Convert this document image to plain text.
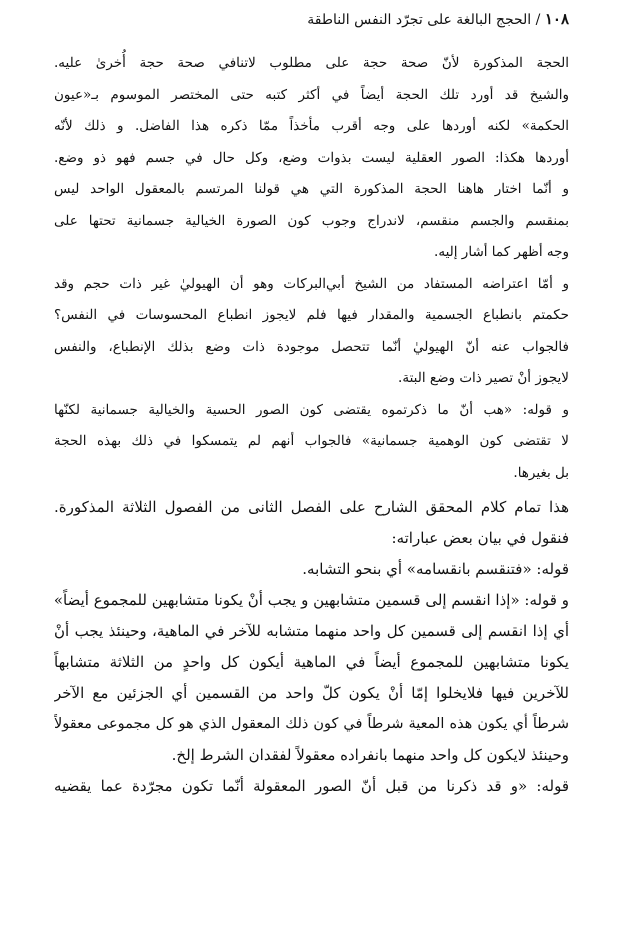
١٠٨ / الحجج البالغة على تجرّد النفس الناطقة

الحجة المذكورة لأنّ صحة حجة على مطلوب لاتنافي صحة حجة أُخرىٰ عليه.

والشيخ قد أورد تلك الحجة أيضاً في أكثر كتبه حتى المختصر الموسوم بـ«عيون

الحكمة» لكنه أوردها على وجه أقرب مأخذاً ممّا ذكره هذا الفاضل. و ذلك لأنّه

أوردها هكذا: الصور العقلية ليست بذوات وضع، وكل حال في جسم فهو ذو وضع.

و أنّما اختار هاهنا الحجة المذكورة التي هي قولنا المرتسم بالمعقول الواحد ليس

بمنقسم والجسم منقسم، لاندراج وجوب كون الصورة الخيالية جسمانية تحتها على

وجه أظهر كما أشار إليه.

و أمّا اعتراضه المستفاد من الشيخ أبي‌البركات وهو أن الهيوليٰ غير ذات حجم وقد

حكمتم بانطباع الجسمية والمقدار فيها فلم لايجوز انطباع المحسوسات في النفس؟

فالجواب عنه أنّ الهيوليٰ أنّما تتحصل موجودة ذات وضع بذلك الإنطباع، والنفس

لايجوز أنْ تصير ذات وضع البتة.

و قوله: «هب أنّ ما ذكرتموه يقتضى كون الصور الحسية والخيالية جسمانية لكنّها

لا تقتضى كون الوهمية جسمانية» فالجواب أنهم لم يتمسكوا في ذلك بهذه الحجة

بل بغيرها.

هذا تمام كلام المحقق الشارح على الفصل الثانى من الفصول الثلاثة المذكورة.

فنقول في بيان بعض عباراته:

قوله: «فتنقسم بانقسامه» أي بنحو التشابه.

و قوله: «إذا انقسم إلى قسمين متشابهين و يجب أنْ يكونا متشابهين للمجموع أيضاً»

أي إذا انقسم إلى قسمين كل واحد منهما متشابه للآخر في الماهية، وحينئذ يجب أنْ

يكونا متشابهين للمجموع أيضاً في الماهية أيكون كل واحدٍ من الثلاثة متشابهاً

للآخرين فيها فلايخلوا إمّا أنْ يكون كلّ واحد من القسمين أي الجزئين مع الآخر

شرطاً أي يكون هذه المعية شرطاً في كون ذلك المعقول الذي هو كل مجموعى معقولاً

وحينئذ لايكون كل واحد منهما بانفراده معقولاً لفقدان الشرط إلخ.

قوله: «و قد ذكرنا من قبل أنّ الصور المعقولة أنّما تكون مجرّدة عما يقضيه
